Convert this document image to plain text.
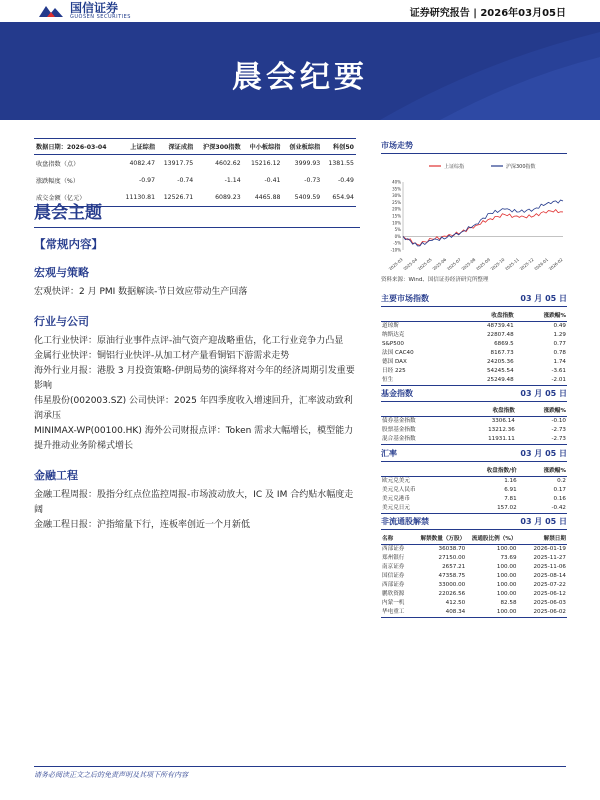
国信证券
GUOSEN SECURITIES	证券研究报告 | 2026年03月05日
晨会纪要
数据日期：2026-03-04	上证综指	深证成指	沪深300指数	中小板综指	创业板综指	科创50
收盘指数（点）	4082.47	13917.75	4602.62	15216.12	3999.93	1381.55
涨跌幅度（%）	-0.97	-0.74	-1.14	-0.41	-0.73	-0.49
成交金额（亿元）	11130.81	12526.71	6089.23	4465.88	5409.59	654.94
晨会主题
【常规内容】
宏观与策略
宏观快评：2 月 PMI 数据解读-节日效应带动生产回落
行业与公司
化工行业快评：原油行业事件点评-油气资产迎战略重估，化工行业竞争力凸显
金属行业快评：铜铝行业快评-从加工材产量看铜铝下游需求走势
海外行业月报：港股 3 月投资策略-伊朗局势的演绎将对今年的经济周期引发重要影响
伟星股份(002003.SZ) 公司快评：2025 年四季度收入增速回升，汇率波动致利润承压
MINIMAX-WP(00100.HK) 海外公司财报点评：Token 需求大幅增长，模型能力提升推动业务阶梯式增长
金融工程
金融工程周报：股指分红点位监控周报-市场波动放大，IC 及 IM 合约贴水幅度走阔
金融工程日报：沪指缩量下行，连板率创近一个月新低
市场走势
上证综指	沪深300指数
40%
35%
30%
25%
20%
15%
10%
5%
0%
-5%
-10%
2025-03
2025-04
2025-05
2025-06
2025-07
2025-08
2025-09
2025-10
2025-11
2025-12
2026-01
2026-02
资料来源：Wind、国信证券经济研究所整理
主要市场指数	03 月 05 日
	收盘指数	涨跌幅%
道琼斯	48739.41	0.49
纳斯达克	22807.48	1.29
S&P500	6869.5	0.77
法国 CAC40	8167.73	0.78
德国 DAX	24205.36	1.74
日经 225	54245.54	-3.61
恒生	25249.48	-2.01
基金指数	03 月 05 日
	收盘指数	涨跌幅%
债券基金指数	3306.14	-0.10
股票基金指数	13212.36	-2.73
混合基金指数	11931.11	-2.73
汇率	03 月 05 日
	收盘指数/价	涨跌幅%
欧元兑美元	1.16	0.2
美元兑人民币	6.91	0.17
美元兑港币	7.81	0.16
美元兑日元	157.02	-0.42
非流通股解禁	03 月 05 日
名称	解禁数量（万股）	流通股比例（%）	解禁日期
西部证券	36038.70	100.00	2026-01-19
郑州银行	27150.00	73.69	2025-11-27
南京证券	2657.21	100.00	2025-11-06
国信证券	47358.75	100.00	2025-08-14
西部证券	33000.00	100.00	2025-07-22
鹏欣资源	22026.56	100.00	2025-06-12
内蒙一机	412.50	82.58	2025-06-03
华电重工	408.34	100.00	2025-06-02
请务必阅读正文之后的免责声明及其项下所有内容
